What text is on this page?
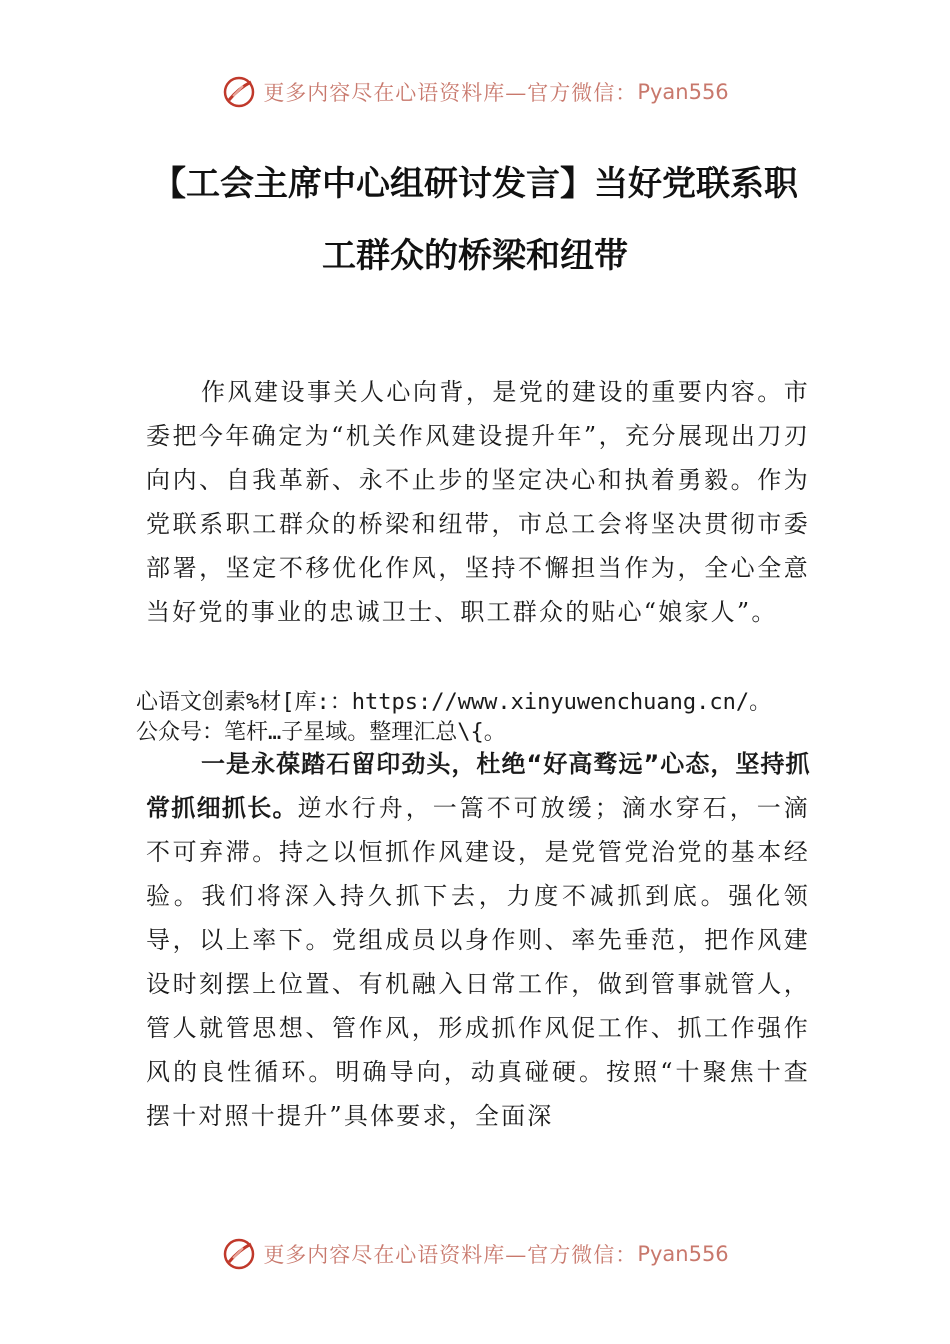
更多内容尽在心语资料库—官方微信： Pyan556
【工会主席中心组研讨发言】当好党联系职
工群众的桥梁和纽带

作风建设事关人心向背，是党的建设的重要内容。市委把今年确定为“机关作风建设提升年”，充分展现出刀刃向内、自我革新、永不止步的坚定决心和执着勇毅。作为党联系职工群众的桥梁和纽带，市总工会将坚决贯彻市委部署，坚定不移优化作风，坚持不懈担当作为，全心全意当好党的事业的忠诚卫士、职工群众的贴心“娘家人”。

心语文创素%材[库:：https://www.xinyuwenchuang.cn/。
公众号：笔杆…子星域。整理汇总\{。

一是永葆踏石留印劲头，杜绝“好高骛远”心态，坚持抓常抓细抓长。逆水行舟，一篙不可放缓；滴水穿石，一滴不可弃滞。持之以恒抓作风建设，是党管党治党的基本经验。我们将深入持久抓下去，力度不减抓到底。强化领导，以上率下。党组成员以身作则、率先垂范，把作风建设时刻摆上位置、有机融入日常工作，做到管事就管人，管人就管思想、管作风，形成抓作风促工作、抓工作强作风的良性循环。明确导向，动真碰硬。按照“十聚焦十查摆十对照十提升”具体要求，全面深

更多内容尽在心语资料库—官方微信： Pyan556
